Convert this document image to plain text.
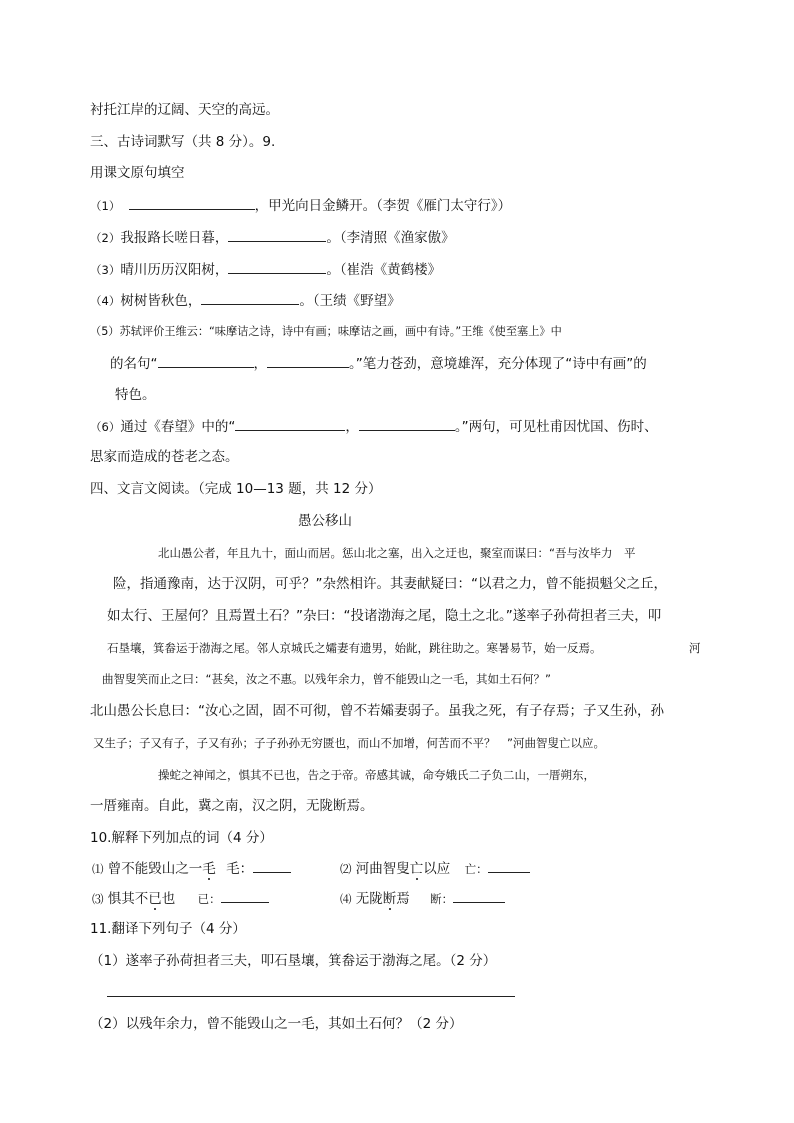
衬托江岸的辽阔、天空的高远。
三、古诗词默写（共 8 分）。9.
用课文原句填空
（1）	，甲光向日金鳞开。（李贺《雁门太守行》）
（2）我报路长嗟日暮，	。（李清照《渔家傲》
（3）晴川历历汉阳树，	。（崔浩《黄鹤楼》
（4）树树皆秋色，	。（王绩《野望》
（5）苏轼评价王维云：“味摩诘之诗，诗中有画；味摩诘之画，画中有诗。”王维《使至塞上》中
的名句“	，	。”笔力苍劲，意境雄浑，充分体现了“诗中有画”的
特色。
（6）通过《春望》中的“	，	。”两句，可见杜甫因忧国、伤时、
思家而造成的苍老之态。
四、文言文阅读。（完成 10—13 题，共 12 分）
愚公移山
北山愚公者，年且九十，面山而居。惩山北之塞，出入之迂也，聚室而谋曰：“吾与汝毕力　平
险，指通豫南，达于汉阴，可乎？”杂然相许。其妻献疑曰：“以君之力，曾不能损魁父之丘，
如太行、王屋何？且焉置土石？”杂曰：“投诸渤海之尾，隐土之北。”遂率子孙荷担者三夫，叩
石垦壤，箕畚运于渤海之尾。邻人京城氏之孀妻有遗男，始龀，跳往助之。寒暑易节，始一反焉。	河
曲智叟笑而止之曰：“甚矣，汝之不惠。以残年余力，曾不能毁山之一毛，其如土石何？”
北山愚公长息曰：“汝心之固，固不可彻，曾不若孀妻弱子。虽我之死，有子存焉；子又生孙，孙
又生子；子又有子，子又有孙；子子孙孙无穷匮也，而山不加增，何苦而不平？　”河曲智叟亡以应。
操蛇之神闻之，惧其不已也，告之于帝。帝感其诚，命夸娥氏二子负二山，一厝朔东，
一厝雍南。自此，冀之南，汉之阴，无陇断焉。
10.解释下列加点的词（4 分）
⑴ 曾不能毁山之一毛 毛：	⑵ 河曲智叟亡以应 亡：
⑶ 惧其不已也 已：	⑷ 无陇断焉 断：
11.翻译下列句子（4 分）
（1）遂率子孙荷担者三夫，叩石垦壤，箕畚运于渤海之尾。（2 分）
（2）以残年余力，曾不能毁山之一毛，其如土石何？（2 分）
